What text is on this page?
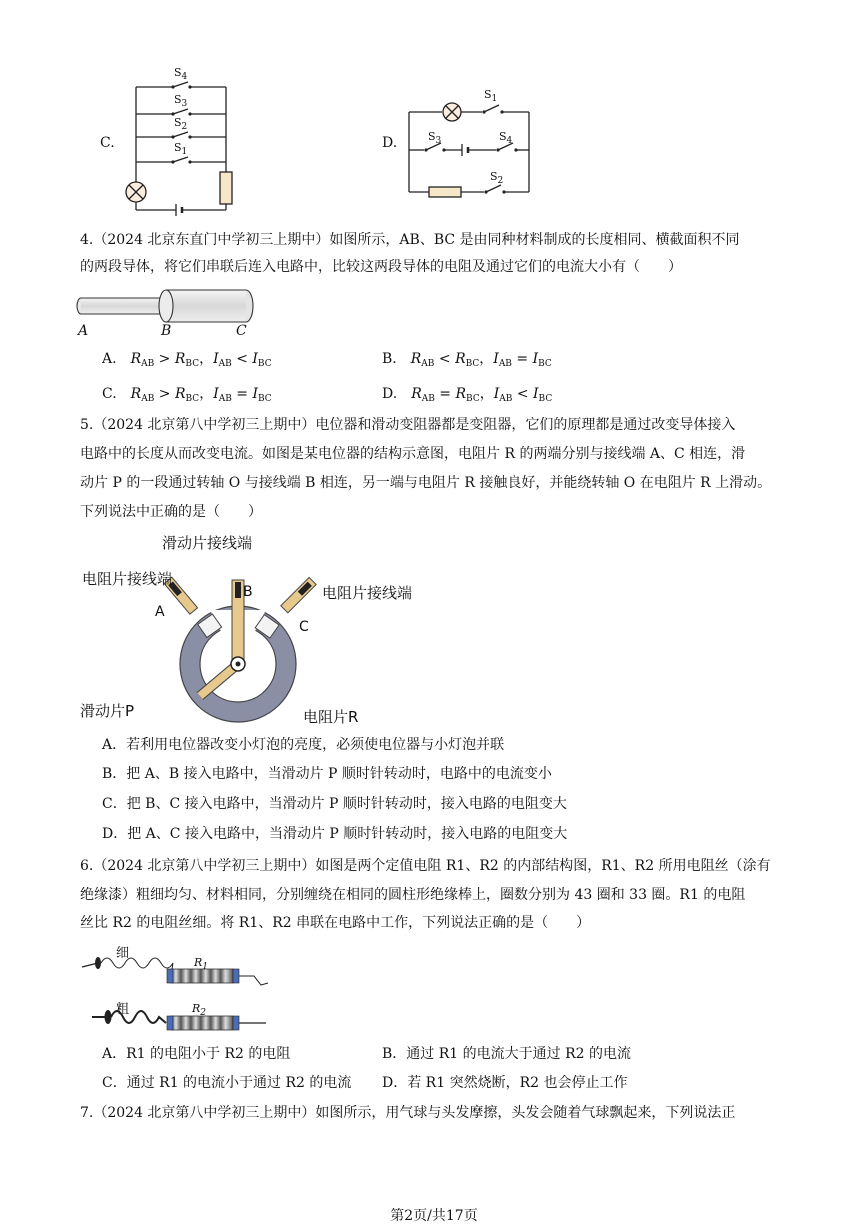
C.
$S_4$
$S_3$
$S_2$
$S_1$
D.
$S_1$
$S_3$	$S_4$
$S_2$
4.（2024 北京东直门中学初三上期中）如图所示，AB、BC 是由同种材料制成的长度相同、横截面积不同
的两段导体，将它们串联后连入电路中，比较这两段导体的电阻及通过它们的电流大小有（　　）
A	B	C
A.　 $R_{AB} > R_{BC}$，$I_{AB} < I_{BC}$	B.　 $R_{AB} < R_{BC}$，$I_{AB} = I_{BC}$
C.　 $R_{AB} > R_{BC}$，$I_{AB} = I_{BC}$	D.　 $R_{AB} = R_{BC}$，$I_{AB} < I_{BC}$
5.（2024 北京第八中学初三上期中）电位器和滑动变阻器都是变阻器，它们的原理都是通过改变导体接入
电路中的长度从而改变电流。如图是某电位器的结构示意图，电阻片 R 的两端分别与接线端 A、C 相连，滑
动片 P 的一段通过转轴 O 与接线端 B 相连，另一端与电阻片 R 接触良好，并能绕转轴 O 在电阻片 R 上滑动。
下列说法中正确的是（　　）
滑动片接线端
电阻片接线端
电阻片接线端
A
B
C
滑动片P	电阻片R
A．若利用电位器改变小灯泡的亮度，必须使电位器与小灯泡并联
B．把 A、B 接入电路中，当滑动片 P 顺时针转动时，电路中的电流变小
C．把 B、C 接入电路中，当滑动片 P 顺时针转动时，接入电路的电阻变大
D．把 A、C 接入电路中，当滑动片 P 顺时针转动时，接入电路的电阻变大
6.（2024 北京第八中学初三上期中）如图是两个定值电阻 R1、R2 的内部结构图，R1、R2 所用电阻丝（涂有
绝缘漆）粗细均匀、材料相同，分别缠绕在相同的圆柱形绝缘棒上，圈数分别为 43 圈和 33 圈。R1 的电阻
丝比 R2 的电阻丝细。将 R1、R2 串联在电路中工作，下列说法正确的是（　　）
细
粗
$R_1$
$R_2$
A．R1 的电阻小于 R2 的电阻	B．通过 R1 的电流大于通过 R2 的电流
C．通过 R1 的电流小于通过 R2 的电流 D．若 R1 突然烧断，R2 也会停止工作
7.（2024 北京第八中学初三上期中）如图所示，用气球与头发摩擦，头发会随着气球飘起来，下列说法正
第2页/共17页
